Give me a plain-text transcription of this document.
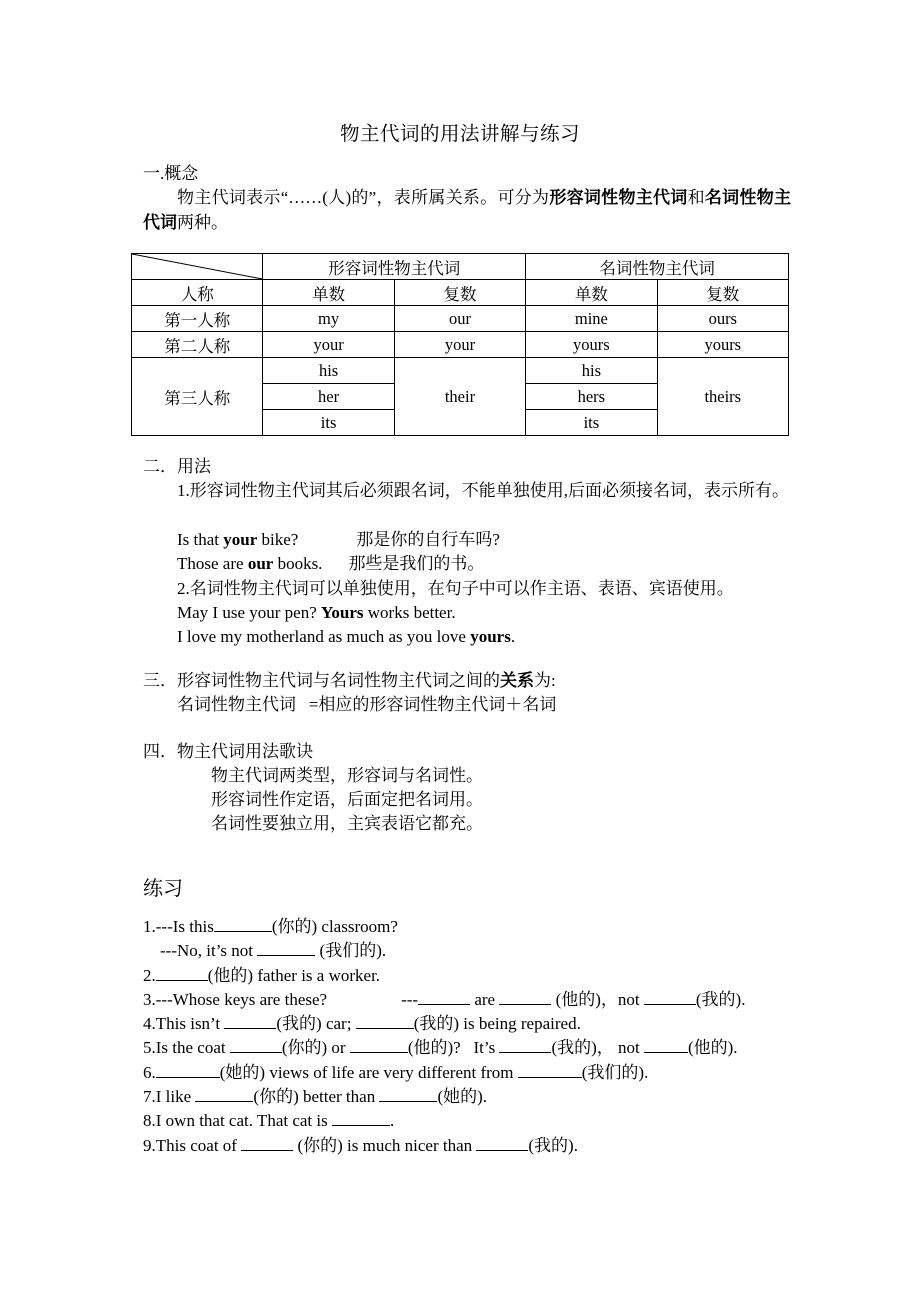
物主代词的用法讲解与练习
一.概念
物主代词表示“……(人)的”，表所属关系。可分为形容词性物主代词和名词性物主代词两种。
	形容词性物主代词		名词性物主代词	
人称	单数	复数	单数	复数
第一人称	my	our	mine	ours
第二人称	your	your	yours	yours
第三人称	his	their	his	theirs
	her		hers	
	its		its	
二．用法
1.形容词性物主代词其后必须跟名词，不能单独使用,后面必须接名词，表示所有。
Is that your bike?	那是你的自行车吗?
Those are our books. 那些是我们的书。
2.名词性物主代词可以单独使用，在句子中可以作主语、表语、宾语使用。
May I use your pen? Yours works better.
I love my motherland as much as you love yours.
三．形容词性物主代词与名词性物主代词之间的关系为:
名词性物主代词   =相应的形容词性物主代词＋名词
四．物主代词用法歌诀
物主代词两类型，形容词与名词性。
形容词性作定语，后面定把名词用。
名词性要独立用，主宾表语它都充。
练习
1.---Is this	(你的) classroom?
---No, it’s not	(我们的).
2.	(他的) father is a worker.
3.---Whose keys are these?	---	are	(他的)，not	(我的).
4.This isn’t	(我的) car;	(我的) is being repaired.
5.Is the coat	(你的) or	(他的)?   It’s	(我的)， not	(他的).
6.	(她的) views of life are very different from	(我们的).
7.I like	(你的) better than	(她的).
8.I own that cat. That cat is	.
9.This coat of	(你的) is much nicer than	(我的).
